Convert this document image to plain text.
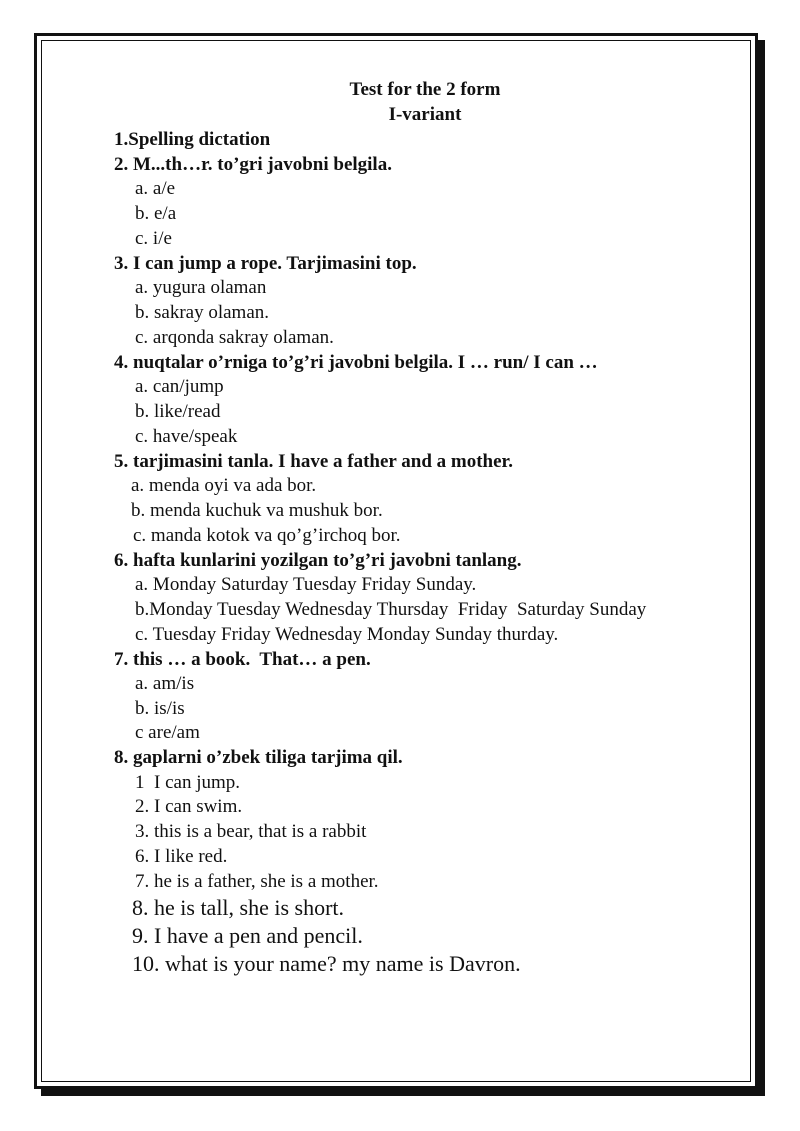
Test for the 2 form
I-variant
1.Spelling dictation
2. M...th…r. to’gri javobni belgila.
a. a/e
b. e/a
c. i/e
3. I can jump a rope. Tarjimasini top.
a. yugura olaman
b. sakray olaman.
c. arqonda sakray olaman.
4. nuqtalar o’rniga to’g’ri javobni belgila. I … run/ I can …
a. can/jump
b. like/read
c. have/speak
5. tarjimasini tanla. I have a father and a mother.
a. menda oyi va ada bor.
b. menda kuchuk va mushuk bor.
c. manda kotok va qo’g’irchoq bor.
6. hafta kunlarini yozilgan to’g’ri javobni tanlang.
a. Monday Saturday Tuesday Friday Sunday.
b.Monday Tuesday Wednesday Thursday  Friday  Saturday Sunday
c. Tuesday Friday Wednesday Monday Sunday thurday.
7. this … a book.  That… a pen.
a. am/is
b. is/is
c are/am
8. gaplarni o’zbek tiliga tarjima qil.
1  I can jump.
2. I can swim.
3. this is a bear, that is a rabbit
6. I like red.
7. he is a father, she is a mother.
8. he is tall, she is short.
9. I have a pen and pencil.
10. what is your name? my name is Davron.
